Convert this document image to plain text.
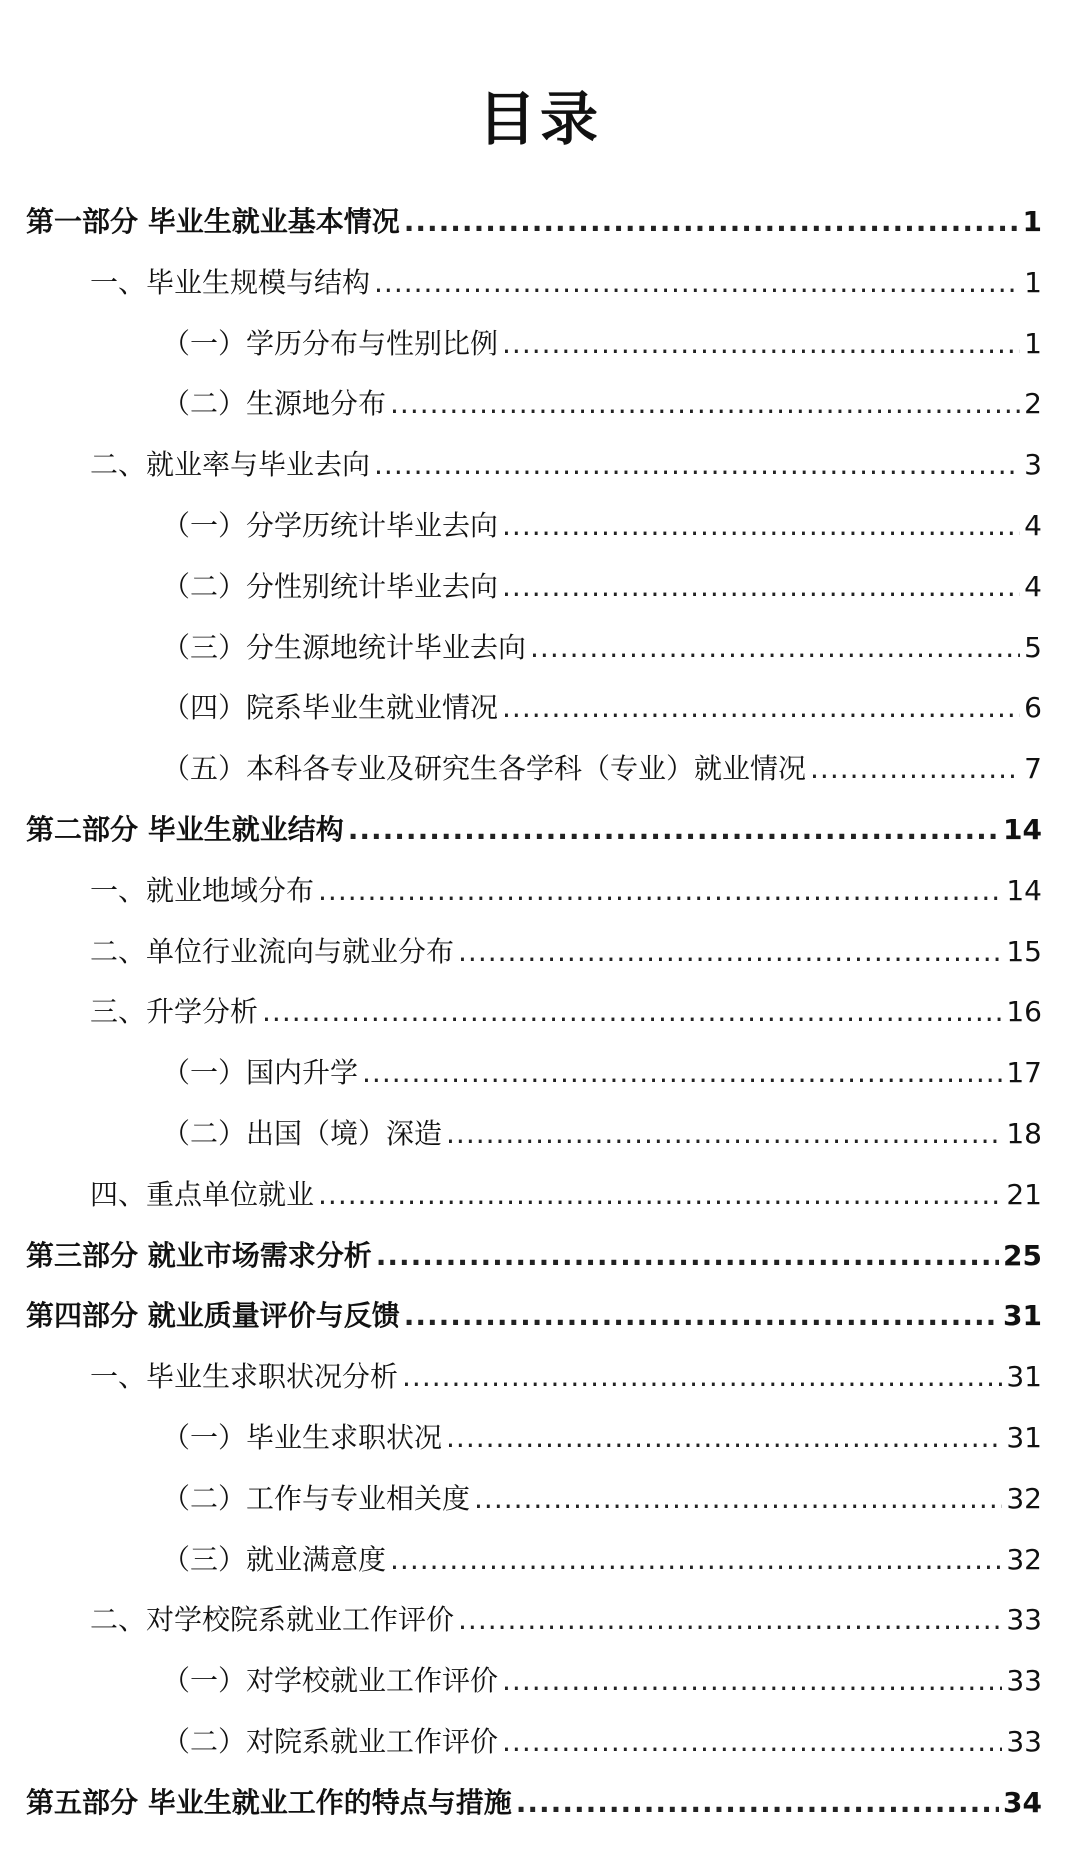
目录
第一部分 毕业生就业基本情况 .....	1
一、毕业生规模与结构 .....	1
（一）学历分布与性别比例 .....	1
（二）生源地分布 .....	2
二、就业率与毕业去向 .....	3
（一）分学历统计毕业去向 .....	4
（二）分性别统计毕业去向 .....	4
（三）分生源地统计毕业去向 .....	5
（四）院系毕业生就业情况 .....	6
（五）本科各专业及研究生各学科（专业）就业情况 .....	7
第二部分 毕业生就业结构 .....	14
一、就业地域分布 .....	14
二、单位行业流向与就业分布 .....	15
三、升学分析 .....	16
（一）国内升学 .....	17
（二）出国（境）深造 .....	18
四、重点单位就业 .....	21
第三部分 就业市场需求分析 .....	25
第四部分 就业质量评价与反馈 .....	31
一、毕业生求职状况分析 .....	31
（一）毕业生求职状况 .....	31
（二）工作与专业相关度 .....	32
（三）就业满意度 .....	32
二、对学校院系就业工作评价 .....	33
（一）对学校就业工作评价 .....	33
（二）对院系就业工作评价 .....	33
第五部分 毕业生就业工作的特点与措施 .....	34
